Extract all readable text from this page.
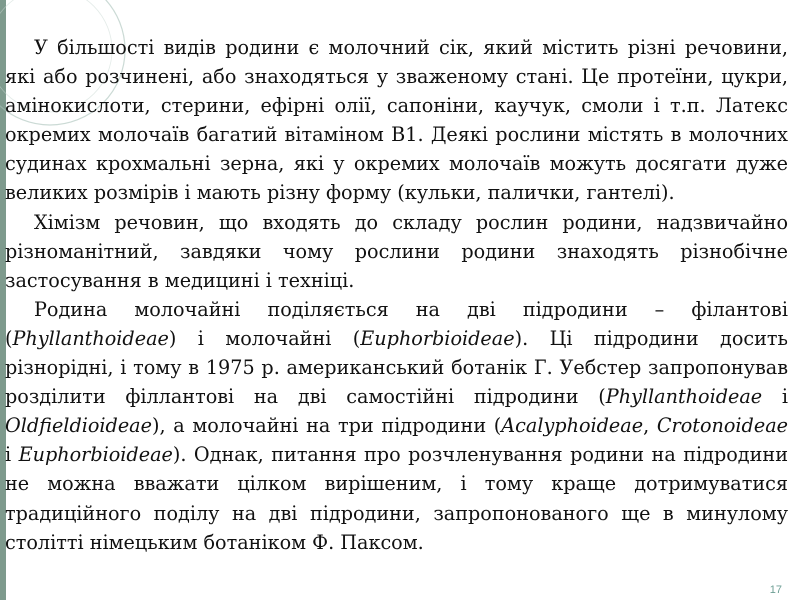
У більшості видів родини є молочний сік, який містить різні речовини, які або розчинені, або знаходяться у зваженому стані. Це протеїни, цукри, амінокислоти, стерини, ефірні олії, сапоніни, каучук, смоли і т.п. Латекс окремих молочаїв багатий вітаміном В1. Деякі рослини містять в молочних судинах крохмальні зерна, які у окремих молочаїв можуть досягати дуже великих розмірів і мають різну форму (кульки, палички, гантелі).

Хімізм речовин, що входять до складу рослин родини, надзвичайно різноманітний, завдяки чому рослини родини знаходять різнобічне застосування в медицині і техніці.

Родина молочайні поділяється на дві підродини – філантові (Phyllanthoideae) і молочайні (Euphorbioideae). Ці підродини досить різнорідні, і тому в 1975 р. американський ботанік Г. Уебстер запропонував розділити філлантові на дві самостійні підродини (Phyllanthoideae і Oldfieldioideae), а молочайні на три підродини (Acalyphoideae, Crotonoideae і Euphorbioideae). Однак, питання про розчленування родини на підродини не можна вважати цілком вирішеним, і тому краще дотримуватися традиційного поділу на дві підродини, запропонованого ще в минулому столітті німецьким ботаніком Ф. Паксом.

17
